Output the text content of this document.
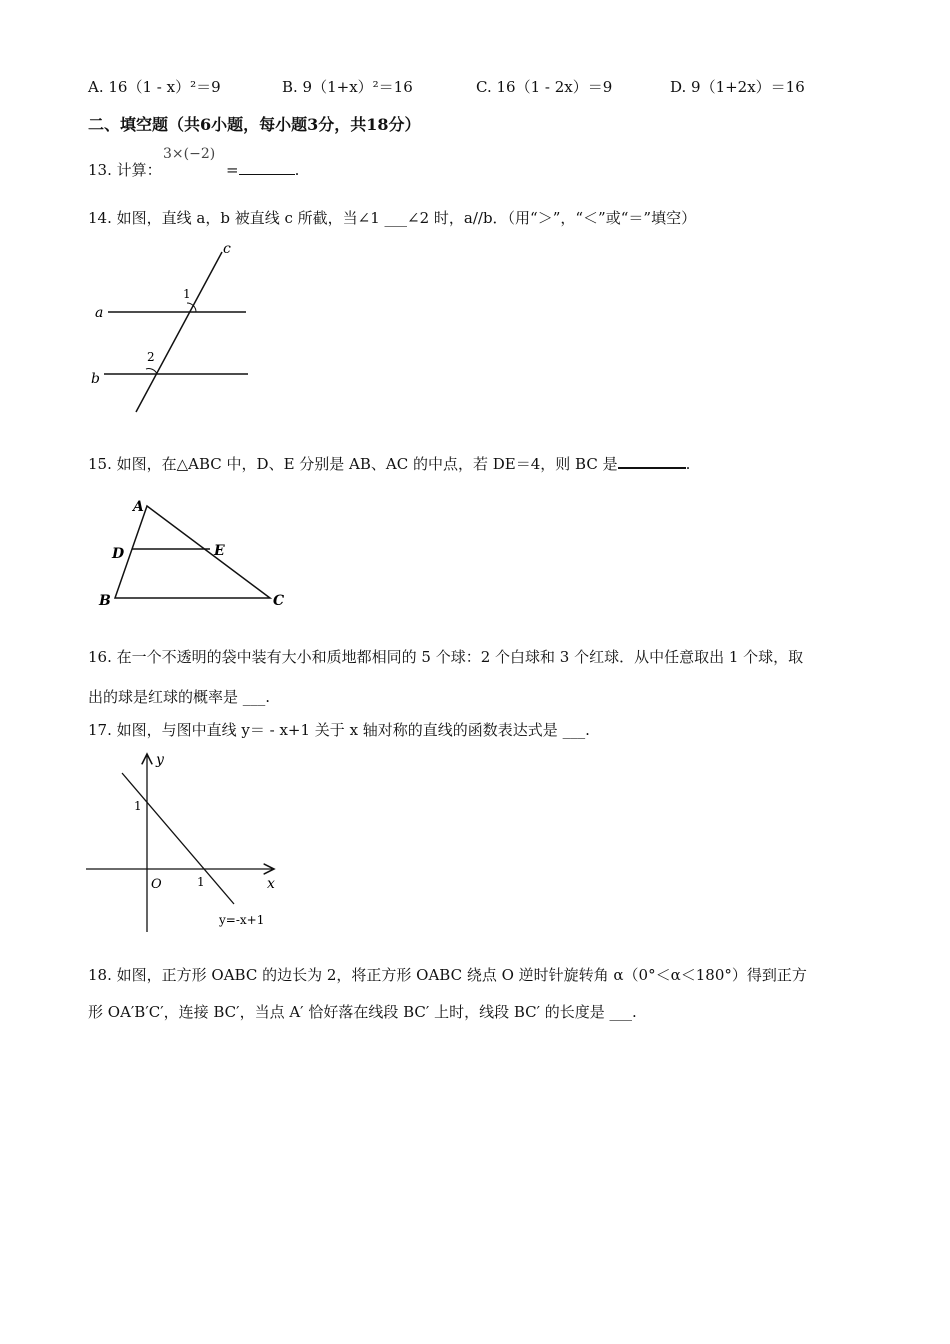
A. 16（1 - x）²＝9	B. 9（1+x）²＝16	C. 16（1 - 2x）＝9	D. 9（1+2x）＝16
二、填空题（共6小题，每小题3分，共18分）
13. 计算：
3×(−2)
=	.
14. 如图，直线 a，b 被直线 c 所截，当∠1 ___∠2 时，a//b．（用“＞”，“＜”或“＝”填空）
a
b
c
1
2
15. 如图，在△ABC 中，D、E 分别是 AB、AC 的中点，若 DE＝4，则 BC 是	.
A
B	C
D	E
16. 在一个不透明的袋中装有大小和质地都相同的 5 个球：2 个白球和 3 个红球．从中任意取出 1 个球，取
出的球是红球的概率是 ___.
17. 如图，与图中直线 y＝ - x+1 关于 x 轴对称的直线的函数表达式是 ___.
y
x
O	1
1
y=-x+1
18. 如图，正方形 OABC 的边长为 2，将正方形 OABC 绕点 O 逆时针旋转角 α（0°＜α＜180°）得到正方
形 OA′B′C′，连接 BC′，当点 A′ 恰好落在线段 BC′ 上时，线段 BC′ 的长度是 ___.
